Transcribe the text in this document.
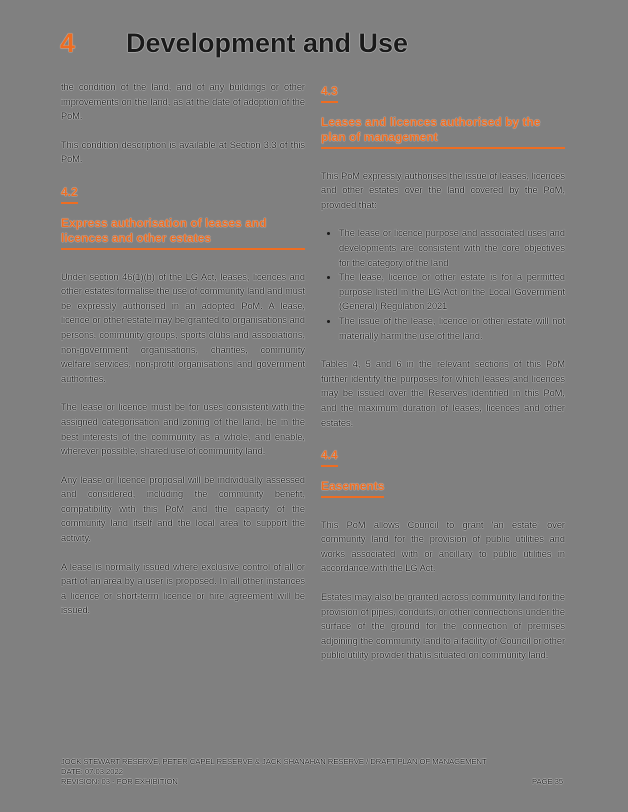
4	Development and Use

the condition of the land, and of any buildings or other improvements on the land, as at the date of adoption of the PoM.

This condition description is available at Section 3.3 of this PoM.

4.2
Express authorisation of leases and licences and other estates

Under section 46(1)(b) of the LG Act, leases, licences and other estates formalise the use of community land and must be expressly authorised in an adopted PoM. A lease, licence or other estate may be granted to organisations and persons, community groups, sports clubs and associations, non-government organisations, charities, community welfare services, non-profit organisations and government authorities.

The lease or licence must be for uses consistent with the assigned categorisation and zoning of the land, be in the best interests of the community as a whole, and enable, wherever possible, shared use of community land.

Any lease or licence proposal will be individually assessed and considered, including the community benefit, compatibility with this PoM and the capacity of the community land itself and the local area to support the activity.

A lease is normally issued where exclusive control of all or part of an area by a user is proposed. In all other instances a licence or short-term licence or hire agreement will be issued.

4.3
Leases and licences authorised by the plan of management

This PoM expressly authorises the issue of leases, licences and other estates over the land covered by the PoM, provided that:

• The lease or licence purpose and associated uses and developments are consistent with the core objectives for the category of the land
• The lease, licence or other estate is for a permitted purpose listed in the LG Act or the Local Government (General) Regulation 2021
• The issue of the lease, licence or other estate will not materially harm the use of the land.

Tables 4, 5 and 6 in the relevant sections of this PoM further identify the purposes for which leases and licences may be issued over the Reserves identified in this PoM, and the maximum duration of leases, licences and other estates.

4.4
Easements

This PoM allows Council to grant 'an estate' over community land for the provision of public utilities and works associated with or ancillary to public utilities in accordance with the LG Act.

Estates may also be granted across community land for the provision of pipes, conduits, or other connections under the surface of the ground for the connection of premises adjoining the community land to a facility of Council or other public utility provider that is situated on community land.

JOCK STEWART RESERVE, PETER CAPEL RESERVE & JACK SHANAHAN RESERVE / DRAFT PLAN OF MANAGEMENT
DATE: 07.03.2022
REVISION: 03 - FOR EXHIBITION	PAGE 35
